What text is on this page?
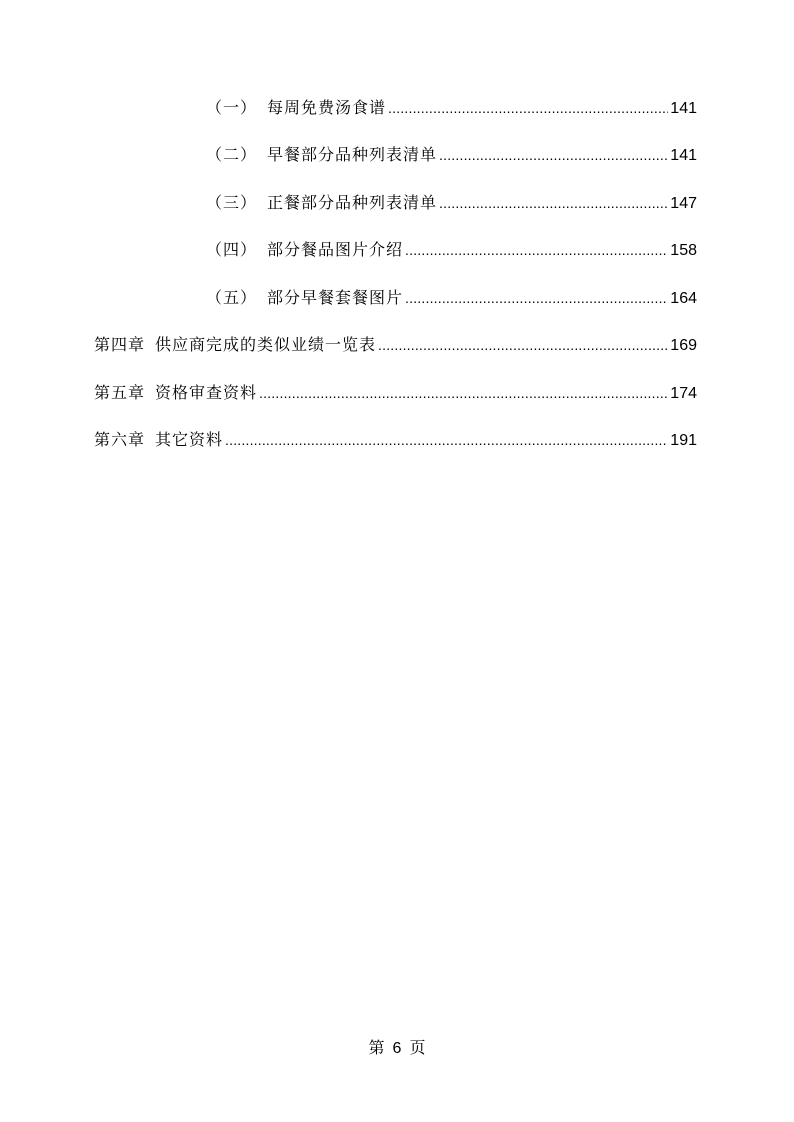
（一） 每周免费汤食谱 .....	141
（二） 早餐部分品种列表清单 .....	141
（三） 正餐部分品种列表清单 .....	147
（四） 部分餐品图片介绍 .....	158
（五） 部分早餐套餐图片 .....	164
第四章 供应商完成的类似业绩一览表 .....	169
第五章 资格审查资料 .....	174
第六章 其它资料 .....	191
第 6 页
